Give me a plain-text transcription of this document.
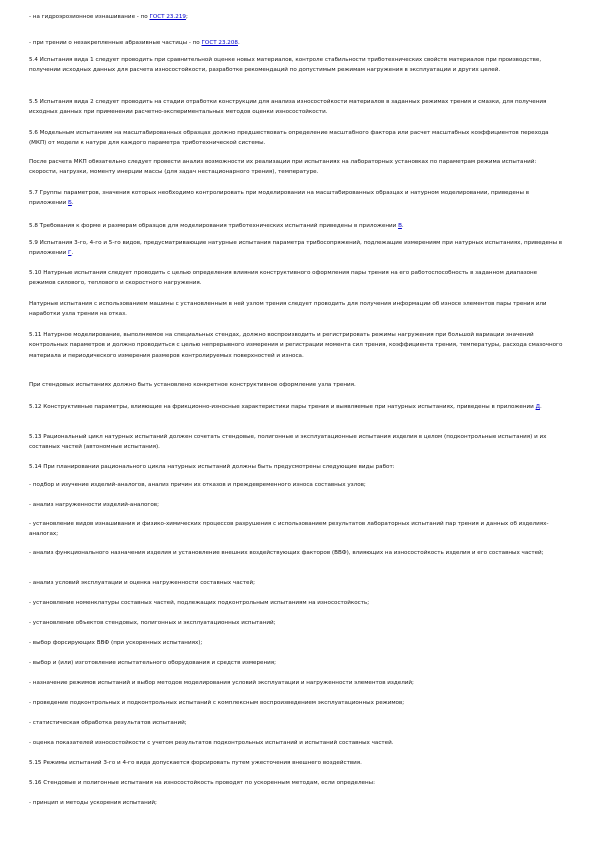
- на гидроэрозионное изнашивание - по ГОСТ 23.219;

- при трении о незакрепленные абразивные частицы - по ГОСТ 23.208.

5.4 Испытания вида 1 следует проводить при сравнительной оценке новых материалов, контроле стабильности триботехнических свойств материалов при производстве, получении исходных данных для расчета износостойкости, разработке рекомендаций по допустимым режимам нагружения в эксплуатации и других целей.

5.5 Испытания вида 2 следует проводить на стадии отработки конструкции для анализа износостойкости материалов в заданных режимах трения и смазки, для получения исходных данных при применении расчетно-экспериментальных методов оценки износостойкости.

5.6 Модельным испытаниям на масштабированных образцах должно предшествовать определение масштабного фактора или расчет масштабных коэффициентов перехода (МКП) от модели к натуре для каждого параметра триботехнической системы.

После расчета МКП обязательно следует провести анализ возможности их реализации при испытаниях на лабораторных установках по параметрам режима испытаний: скорости, нагрузки, моменту инерции массы (для задач нестационарного трения), температуре.

5.7 Группы параметров, значения которых необходимо контролировать при моделировании на масштабированных образцах и натурном моделировании, приведены в приложении Б.

5.8 Требования к форме и размерам образцов для моделирования триботехнических испытаний приведены в приложении В.

5.9 Испытания 3-го, 4-го и 5-го видов, предусматривающие натурные испытания параметра трибосопряжений, подлежащие измерениям при натурных испытаниях, приведены в приложении Г.

5.10 Натурные испытания следует проводить с целью определения влияния конструктивного оформления пары трения на его работоспособность в заданном диапазоне режимов силового, теплового и скоростного нагружения.

Натурные испытания с использованием машины с установленным в ней узлом трения следует проводить для получения информации об износе элементов пары трения или наработки узла трения на отказ.

5.11 Натурное моделирование, выполняемое на специальных стендах, должно воспроизводить и регистрировать режимы нагружения при большой вариации значений контрольных параметров и должно проводиться с целью непрерывного измерения и регистрации момента сил трения, коэффициента трения, температуры, расхода смазочного материала и периодического измерения размеров контролируемых поверхностей и износа.

При стендовых испытаниях должно быть установлено конкретное конструктивное оформление узла трения.

5.12 Конструктивные параметры, влияющие на фрикционно-износные характеристики пары трения и выявляемые при натурных испытаниях, приведены в приложении Д.

5.13 Рациональный цикл натурных испытаний должен сочетать стендовые, полигонные и эксплуатационные испытания изделия в целом (подконтрольные испытания) и их составных частей (автономные испытания).

5.14 При планировании рационального цикла натурных испытаний должны быть предусмотрены следующие виды работ:

- подбор и изучение изделий-аналогов, анализ причин их отказов и преждевременного износа составных узлов;

- анализ нагруженности изделий-аналогов;

- установление видов изнашивания и физико-химических процессов разрушения с использованием результатов лабораторных испытаний пар трения и данных об изделиях-аналогах;

- анализ функционального назначения изделия и установление внешних воздействующих факторов (ВВФ), влияющих на износостойкость изделия и его составных частей;

- анализ условий эксплуатации и оценка нагруженности составных частей;

- установление номенклатуры составных частей, подлежащих подконтрольным испытаниям на износостойкость;

- установление объектов стендовых, полигонных и эксплуатационных испытаний;

- выбор форсирующих ВВФ (при ускоренных испытаниях);

- выбор и (или) изготовление испытательного оборудования и средств измерения;

- назначение режимов испытаний и выбор методов моделирования условий эксплуатации и нагруженности элементов изделий;

- проведение подконтрольных и подконтрольных испытаний с комплексным воспроизведением эксплуатационных режимов;

- статистическая обработка результатов испытаний;

- оценка показателей износостойкости с учетом результатов подконтрольных испытаний и испытаний составных частей.

5.15 Режимы испытаний 3-го и 4-го вида допускается форсировать путем ужесточения внешнего воздействия.

5.16 Стендовые и полигонные испытания на износостойкость проводят по ускоренным методам, если определены:

- принцип и методы ускорения испытаний;
